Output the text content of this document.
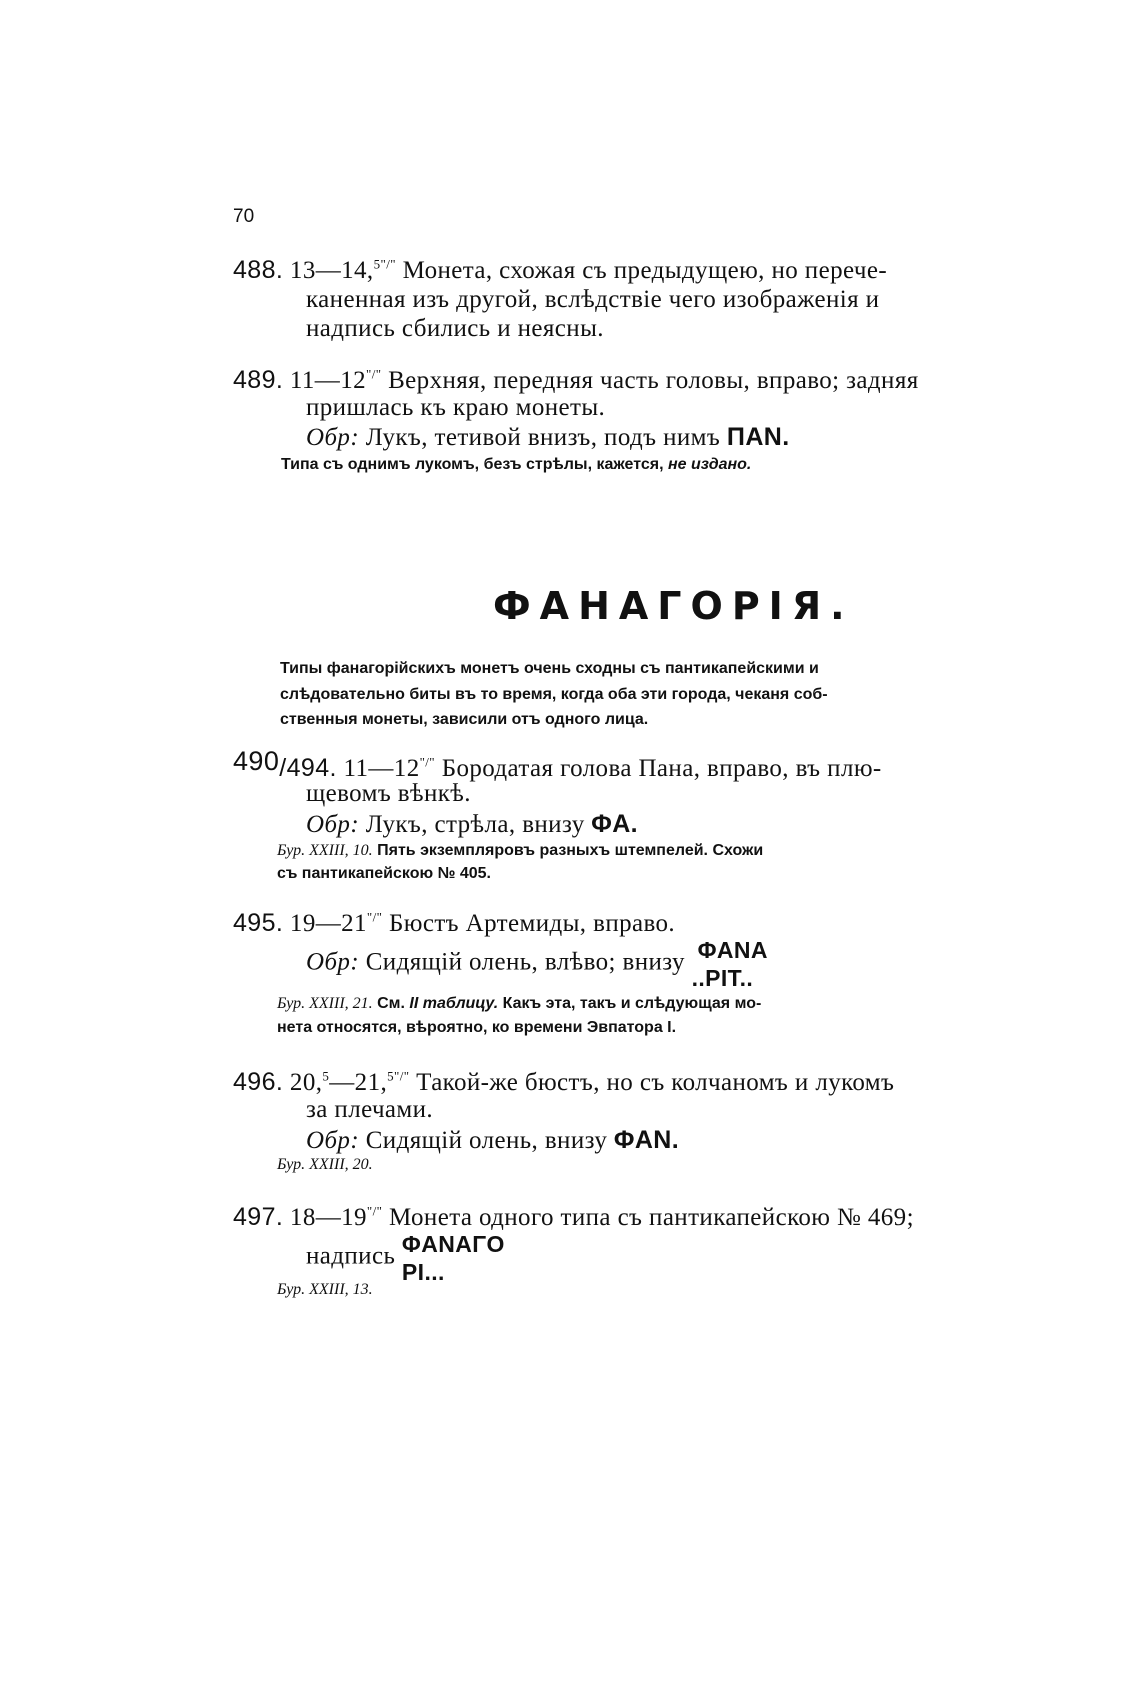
70
488. 13—14,$^{5"/"}$ Монета, схожая съ предыдущею, но перече-
каненная изъ другой, вслѣдствіе чего изображенія и
надпись сбились и неясны.
489. 11—12"/" Верхняя, передняя часть головы, вправо; задняя
пришлась къ краю монеты.
Обр: Лукъ, тетивой внизъ, подъ нимъ ΠAN.
Типа съ однимъ лукомъ, безъ стрѣлы, кажется, не издано.
ФАНАГОРІЯ.
Типы фанагорійскихъ монетъ очень сходны съ пантикапейскими и
слѣдовательно биты въ то время, когда оба эти города, чеканя соб-
ственныя монеты, зависили отъ одного лица.
490/494. 11—12"/" Бородатая голова Пана, вправо, въ плю-
щевомъ вѣнкѣ.
Обр: Лукъ, стрѣла, внизу ΦA.
Бур. XXIII, 10. Пять экземпляровъ разныхъ штемпелей. Схожи
съ пантикапейскою № 405.
495. 19—21"/" Бюстъ Артемиды, вправо.
Обр: Сидящій олень, влѣво; внизу ΦANA
..PIT..
Бур. XXIII, 21. См. II таблицу. Какъ эта, такъ и слѣдующая мо-
нета относятся, вѣроятно, ко времени Эвпатора I.
496. 20,$^5$—21,$^{5"/"}$ Такой-же бюстъ, но съ колчаномъ и лукомъ
за плечами.
Обр: Сидящій олень, внизу ΦAN.
Бур. XXIII, 20.
497. 18—19"/" Монета одного типа съ пантикапейскою № 469;
надпись ΦANAΓO
PI...
Бур. XXIII, 13.
